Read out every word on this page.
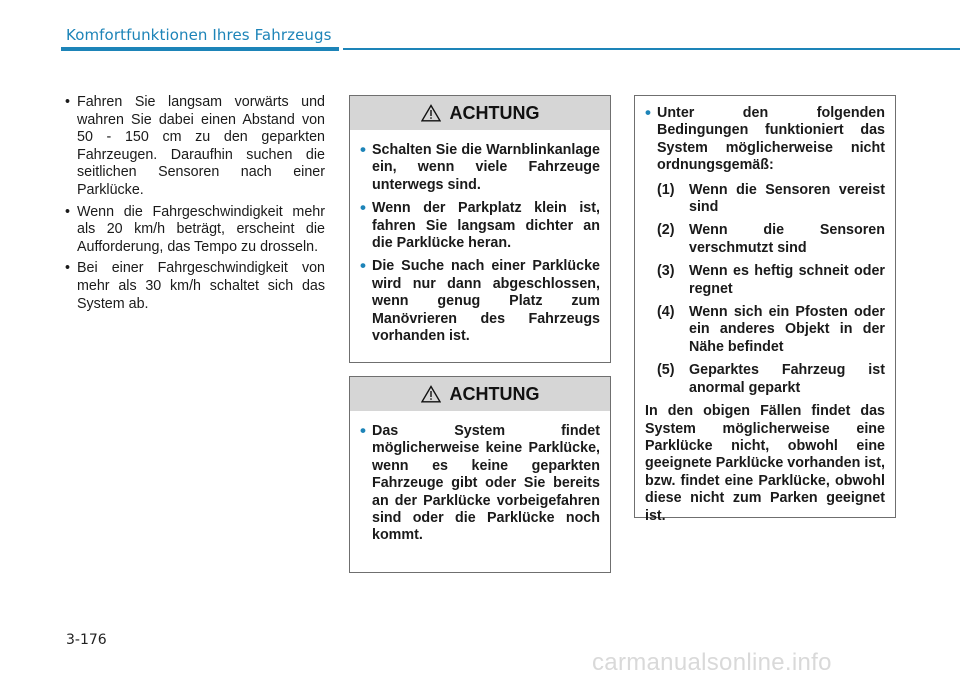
Komfortfunktionen Ihres Fahrzeugs
• Fahren Sie langsam vorwärts und wahren Sie dabei einen Abstand von 50 - 150 cm zu den geparkten Fahrzeugen. Daraufhin suchen die seitlichen Sensoren nach einer Parklücke.
• Wenn die Fahrgeschwindigkeit mehr als 20 km/h beträgt, erscheint die Aufforderung, das Tempo zu drosseln.
• Bei einer Fahrgeschwindigkeit von mehr als 30 km/h schaltet sich das System ab.
ACHTUNG
• Schalten Sie die Warnblinkanlage ein, wenn viele Fahrzeuge unterwegs sind.
• Wenn der Parkplatz klein ist, fahren Sie langsam dichter an die Parklücke heran.
• Die Suche nach einer Parklücke wird nur dann abgeschlossen, wenn genug Platz zum Manövrieren des Fahrzeugs vorhanden ist.
ACHTUNG
• Das System findet möglicherweise keine Parklücke, wenn es keine geparkten Fahrzeuge gibt oder Sie bereits an der Parklücke vorbeigefahren sind oder die Parklücke noch kommt.
• Unter den folgenden Bedingungen funktioniert das System möglicherweise nicht ordnungsgemäß:
(1)	Wenn die Sensoren vereist sind
(2)	Wenn die Sensoren verschmutzt sind
(3)	Wenn es heftig schneit oder regnet
(4)	Wenn sich ein Pfosten oder ein anderes Objekt in der Nähe befindet
(5)	Geparktes Fahrzeug ist anormal geparkt
In den obigen Fällen findet das System möglicherweise eine Parklücke nicht, obwohl eine geeignete Parklücke vorhanden ist, bzw. findet eine Parklücke, obwohl diese nicht zum Parken geeignet ist.
3-176
carmanualsonline.info
